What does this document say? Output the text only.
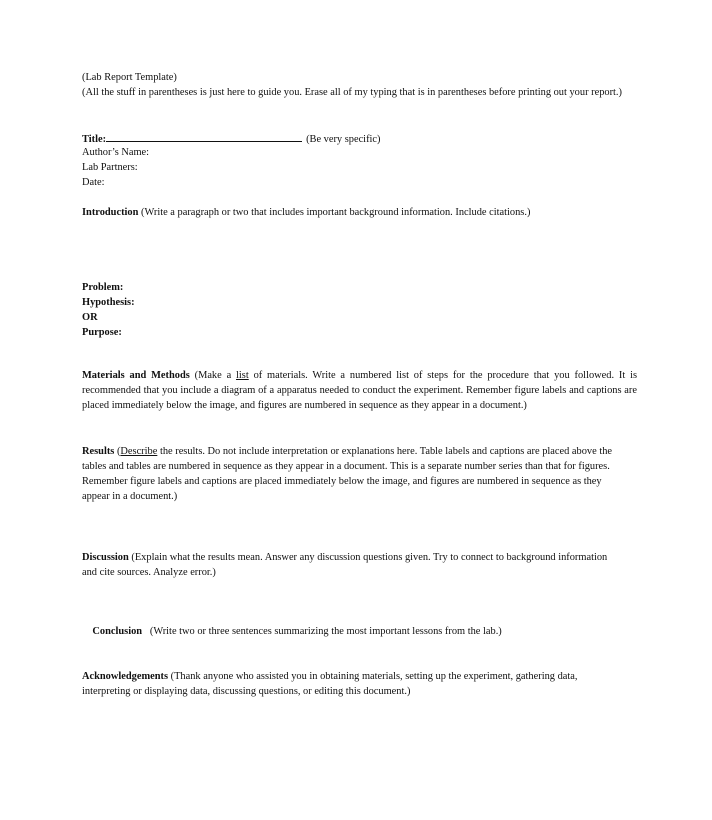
(Lab Report Template)

(All the stuff in parentheses is just here to guide you. Erase all of my typing that is in parentheses before printing out your report.)

Title:	(Be very specific)

Author’s Name:

Lab Partners:

Date:

Introduction (Write a paragraph or two that includes important background information. Include citations.)

Problem:

Hypothesis:

OR

Purpose:

Materials and Methods (Make a list of materials. Write a numbered list of steps for the procedure that you followed. It is recommended that you include a diagram of a apparatus needed to conduct the experiment. Remember figure labels and captions are placed immediately below the image, and figures are numbered in sequence as they appear in a document.)

Results (Describe the results. Do not include interpretation or explanations here. Table labels and captions are placed above the tables and tables are numbered in sequence as they appear in a document. This is a separate number series than that for figures. Remember figure labels and captions are placed immediately below the image, and figures are numbered in sequence as they appear in a document.)

Discussion (Explain what the results mean. Answer any discussion questions given. Try to connect to background information and cite sources. Analyze error.)

Conclusion   (Write two or three sentences summarizing the most important lessons from the lab.)

Acknowledgements (Thank anyone who assisted you in obtaining materials, setting up the experiment, gathering data, interpreting or displaying data, discussing questions, or editing this document.)
